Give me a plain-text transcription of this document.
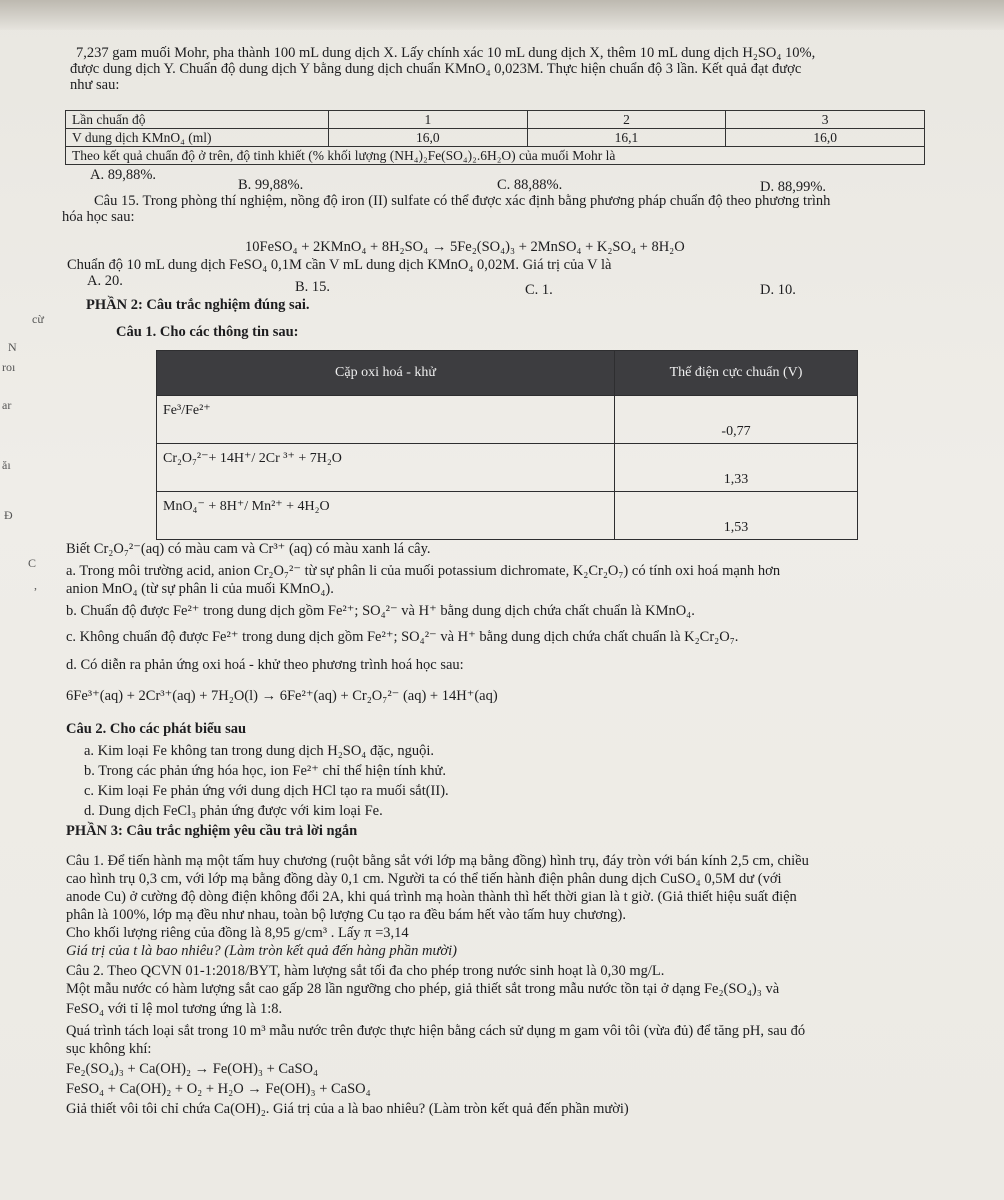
7,237 gam muối Mohr, pha thành 100 mL dung dịch X. Lấy chính xác 10 mL dung dịch X, thêm 10 mL dung dịch H₂SO₄ 10%,
được dung dịch Y. Chuẩn độ dung dịch Y bằng dung dịch chuẩn KMnO₄ 0,023M. Thực hiện chuẩn độ 3 lần. Kết quả đạt được
như sau:
Lần chuẩn độ	1	2	3
V dung dịch KMnO₄ (ml)	16,0	16,1	16,0
Theo kết quả chuẩn độ ở trên, độ tinh khiết (% khối lượng (NH₄)₂Fe(SO₄)₂.6H₂O) của muối Mohr là			
A. 89,88%.
B. 99,88%.	C. 88,88%.	D. 88,99%.
Câu 15. Trong phòng thí nghiệm, nồng độ iron (II) sulfate có thể được xác định bằng phương pháp chuẩn độ theo phương trình
hóa học sau:
10FeSO₄ + 2KMnO₄ + 8H₂SO₄ → 5Fe₂(SO₄)₃ + 2MnSO₄ + K₂SO₄ + 8H₂O
Chuẩn độ 10 mL dung dịch FeSO₄ 0,1M cần V mL dung dịch KMnO₄ 0,02M. Giá trị của V là
A. 20.	B. 15.	C. 1.	D. 10.
PHẦN 2: Câu trắc nghiệm đúng sai.
Câu 1. Cho các thông tin sau:
Cặp oxi hoá - khử	Thế điện cực chuẩn (V)
Fe³/Fe²⁺	-0,77
Cr₂O₇²⁻+ 14H⁺/ 2Cr ³⁺ + 7H₂O	1,33
MnO₄⁻ + 8H⁺/ Mn²⁺ + 4H₂O	1,53
Biết Cr₂O₇²⁻(aq) có màu cam và Cr³⁺ (aq) có màu xanh lá cây.
a. Trong môi trường acid, anion Cr₂O₇²⁻ từ sự phân li của muối potassium dichromate, K₂Cr₂O₇) có tính oxi hoá mạnh hơn
anion MnO₄ (từ sự phân li của muối KMnO₄).
b. Chuẩn độ được Fe²⁺ trong dung dịch gồm Fe²⁺; SO₄²⁻ và H⁺ bằng dung dịch chứa chất chuẩn là KMnO₄.
c. Không chuẩn độ được Fe²⁺ trong dung dịch gồm Fe²⁺; SO₄²⁻ và H⁺ bằng dung dịch chứa chất chuẩn là K₂Cr₂O₇.
d. Có diễn ra phản ứng oxi hoá - khử theo phương trình hoá học sau:
6Fe³⁺(aq) + 2Cr³⁺(aq) + 7H₂O(l) → 6Fe²⁺(aq) + Cr₂O₇²⁻ (aq) + 14H⁺(aq)
Câu 2. Cho các phát biểu sau
a. Kim loại Fe không tan trong dung dịch H₂SO₄ đặc, nguội.
b. Trong các phản ứng hóa học, ion Fe²⁺ chỉ thể hiện tính khử.
c. Kim loại Fe phản ứng với dung dịch HCl tạo ra muối sắt(II).
d. Dung dịch FeCl₃ phản ứng được với kim loại Fe.
PHẦN 3: Câu trắc nghiệm yêu cầu trả lời ngắn
Câu 1. Để tiến hành mạ một tấm huy chương (ruột bằng sắt với lớp mạ bằng đồng) hình trụ, đáy tròn với bán kính 2,5 cm, chiều
cao hình trụ 0,3 cm, với lớp mạ bằng đồng dày 0,1 cm. Người ta có thể tiến hành điện phân dung dịch CuSO₄ 0,5M dư (với
anode Cu) ở cường độ dòng điện không đổi 2A, khi quá trình mạ hoàn thành thì hết thời gian là t giờ. (Giả thiết hiệu suất điện
phân là 100%, lớp mạ đều như nhau, toàn bộ lượng Cu tạo ra đều bám hết vào tấm huy chương).
Cho khối lượng riêng của đồng là 8,95 g/cm³ . Lấy π =3,14
Giá trị của t là bao nhiêu? (Làm tròn kết quả đến hàng phần mười)
Câu 2. Theo QCVN 01-1:2018/BYT, hàm lượng sắt tối đa cho phép trong nước sinh hoạt là 0,30 mg/L.
Một mẫu nước có hàm lượng sắt cao gấp 28 lần ngưỡng cho phép, giả thiết sắt trong mẫu nước tồn tại ở dạng Fe₂(SO₄)₃ và
FeSO₄ với tỉ lệ mol tương ứng là 1:8.
Quá trình tách loại sắt trong 10 m³ mẫu nước trên được thực hiện bằng cách sử dụng m gam vôi tôi (vừa đủ) để tăng pH, sau đó
sục không khí:
Fe₂(SO₄)₃ + Ca(OH)₂ → Fe(OH)₃ + CaSO₄
FeSO₄ + Ca(OH)₂ + O₂ + H₂O → Fe(OH)₃ + CaSO₄
Giả thiết vôi tôi chỉ chứa Ca(OH)₂. Giá trị của a là bao nhiêu? (Làm tròn kết quả đến phần mười)
cừ
N
roı
ar
ăı
Đ
C
,
